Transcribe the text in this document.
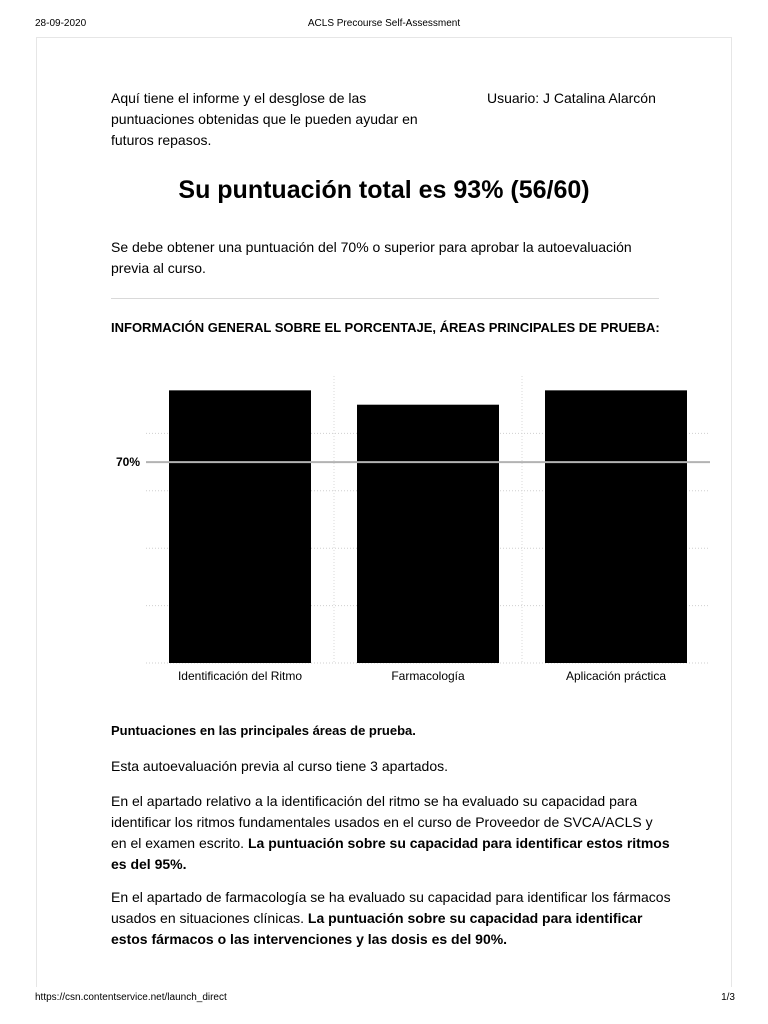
28-09-2020	ACLS Precourse Self-Assessment
Aquí tiene el informe y el desglose de las puntuaciones obtenidas que le pueden ayudar en futuros repasos.
Usuario: J Catalina Alarcón
Su puntuación total es 93% (56/60)
Se debe obtener una puntuación del 70% o superior para aprobar la autoevaluación previa al curso.
INFORMACIÓN GENERAL SOBRE EL PORCENTAJE, ÁREAS PRINCIPALES DE PRUEBA:
Identificación del Ritmo	Farmacología	Aplicación práctica
70%
Puntuaciones en las principales áreas de prueba.
Esta autoevaluación previa al curso tiene 3 apartados.
En el apartado relativo a la identificación del ritmo se ha evaluado su capacidad para identificar los ritmos fundamentales usados en el curso de Proveedor de SVCA/ACLS y en el examen escrito. La puntuación sobre su capacidad para identificar estos ritmos es del 95%.
En el apartado de farmacología se ha evaluado su capacidad para identificar los fármacos usados en situaciones clínicas. La puntuación sobre su capacidad para identificar estos fármacos o las intervenciones y las dosis es del 90%.
https://csn.contentservice.net/launch_direct	1/3
